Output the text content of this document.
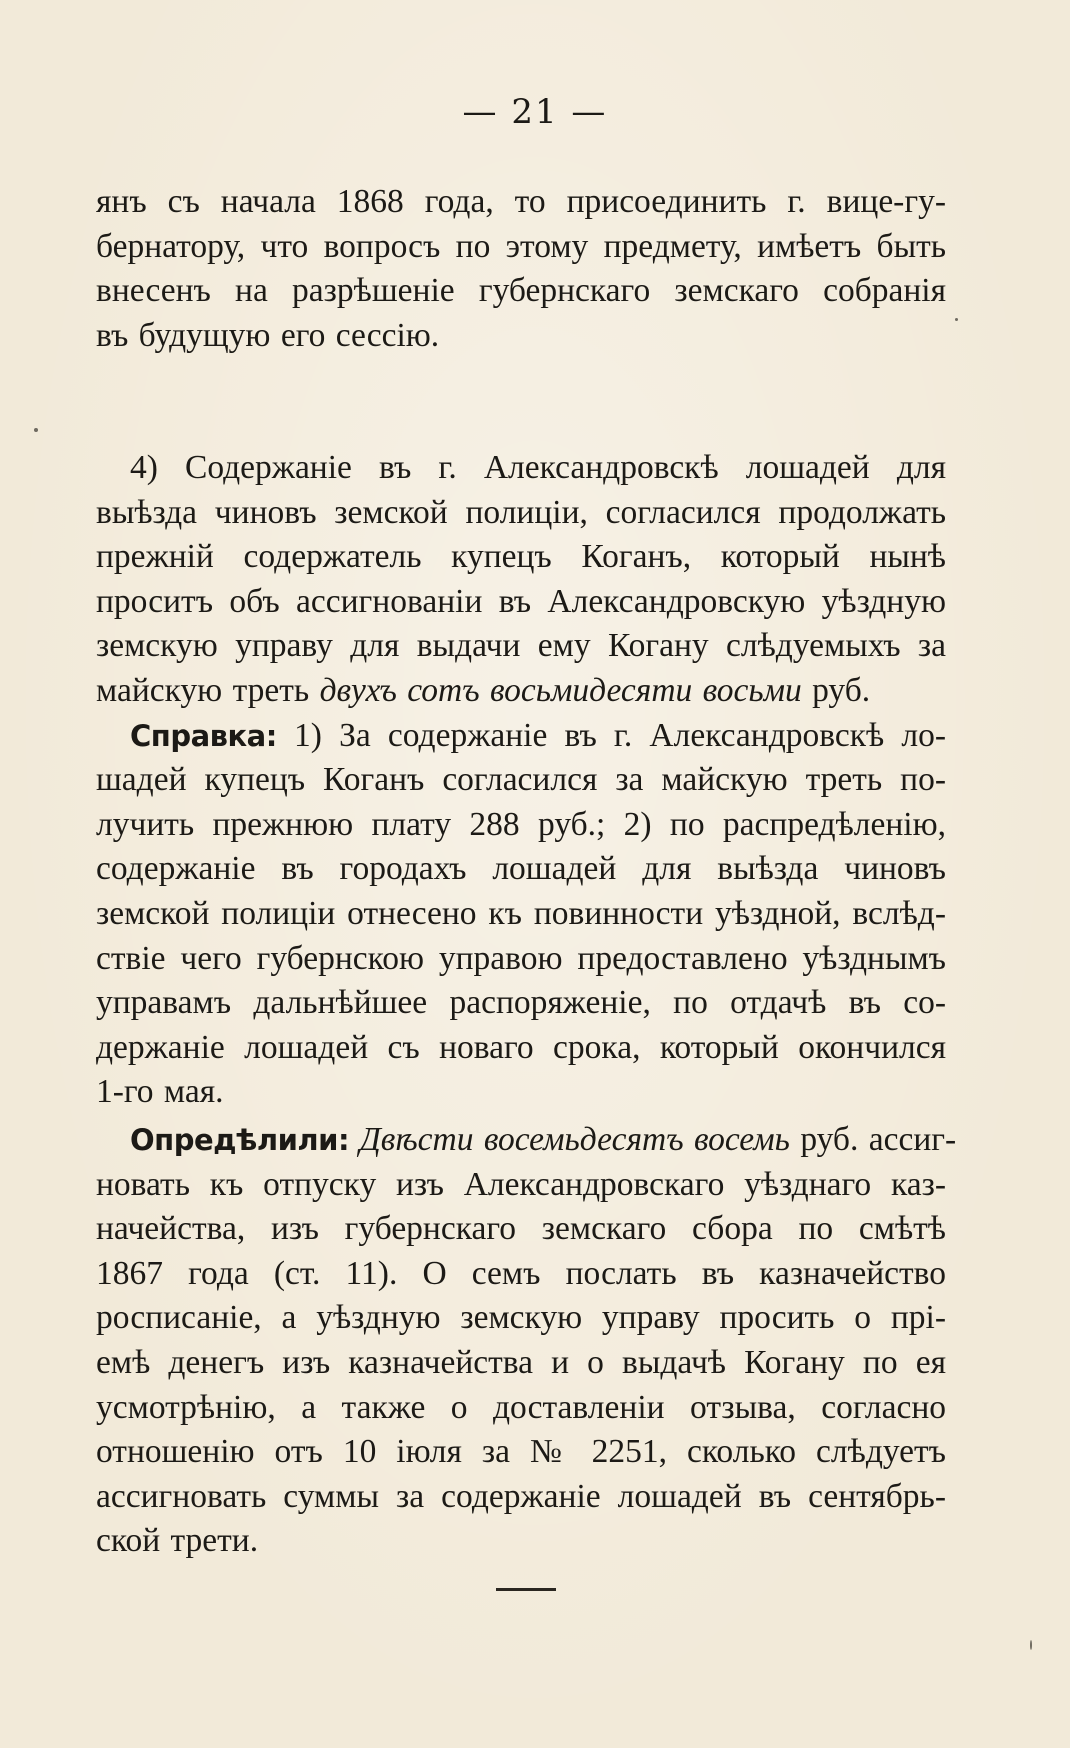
— 21 —
янъ съ начала 1868 года, то присоединить г. вице-гу-
бернатору, что вопросъ по этому предмету, имѣетъ быть
внесенъ на разрѣшеніе губернскаго земскаго собранія
въ будущую его сессію.
4) Содержаніе въ г. Александровскѣ лошадей для
выѣзда чиновъ земской полиціи, согласился продолжать
прежній содержатель купецъ Коганъ, который нынѣ
проситъ объ ассигнованіи въ Александровскую уѣздную
земскую управу для выдачи ему Когану слѣдуемыхъ за
майскую треть двухъ сотъ восьмидесяти восьми руб.
Справка: 1) За содержаніе въ г. Александровскѣ ло-
шадей купецъ Коганъ согласился за майскую треть по-
лучить прежнюю плату 288 руб.; 2) по распредѣленію,
содержаніе въ городахъ лошадей для выѣзда чиновъ
земской полиціи отнесено къ повинности уѣздной, вслѣд-
ствіе чего губернскою управою предоставлено уѣзднымъ
управамъ дальнѣйшее распоряженіе, по отдачѣ въ со-
держаніе лошадей съ новаго срока, который окончился
1-го мая.
Опредѣлили: Двѣсти восемьдесятъ восемь руб. ассиг-
новать къ отпуску изъ Александровскаго уѣзднаго каз-
начейства, изъ губернскаго земскаго сбора по смѣтѣ
1867 года (ст. 11). О семъ послать въ казначейство
росписаніе, а уѣздную земскую управу просить о прі-
емѣ денегъ изъ казначейства и о выдачѣ Когану по ея
усмотрѣнію, а также о доставленіи отзыва, согласно
отношенію отъ 10 іюля за № 2251, сколько слѣдуетъ
ассигновать суммы за содержаніе лошадей въ сентябрь-
ской трети.
